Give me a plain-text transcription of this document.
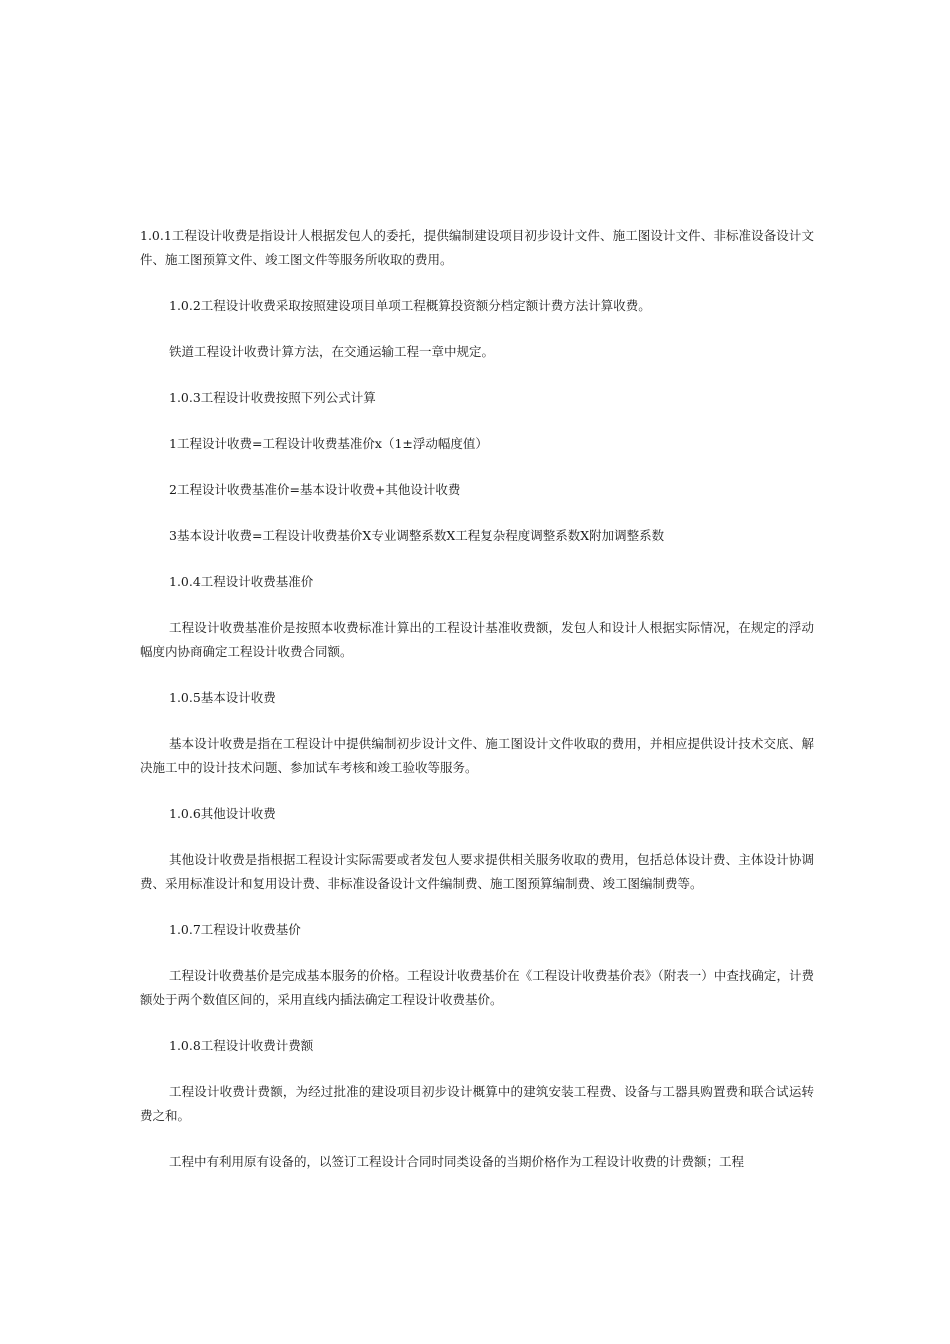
1.0.1工程设计收费是指设计人根据发包人的委托，提供编制建设项目初步设计文件、施工图设计文件、非标准设备设计文件、施工图预算文件、竣工图文件等服务所收取的费用。

1.0.2工程设计收费采取按照建设项目单项工程概算投资额分档定额计费方法计算收费。

铁道工程设计收费计算方法，在交通运输工程一章中规定。

1.0.3工程设计收费按照下列公式计算

1工程设计收费=工程设计收费基准价x（1±浮动幅度值）

2工程设计收费基准价=基本设计收费+其他设计收费

3基本设计收费=工程设计收费基价X专业调整系数X工程复杂程度调整系数X附加调整系数

1.0.4工程设计收费基准价

工程设计收费基准价是按照本收费标准计算出的工程设计基准收费额，发包人和设计人根据实际情况，在规定的浮动幅度内协商确定工程设计收费合同额。

1.0.5基本设计收费

基本设计收费是指在工程设计中提供编制初步设计文件、施工图设计文件收取的费用，并相应提供设计技术交底、解决施工中的设计技术问题、参加试车考核和竣工验收等服务。

1.0.6其他设计收费

其他设计收费是指根据工程设计实际需要或者发包人要求提供相关服务收取的费用，包括总体设计费、主体设计协调费、采用标准设计和复用设计费、非标准设备设计文件编制费、施工图预算编制费、竣工图编制费等。

1.0.7工程设计收费基价

工程设计收费基价是完成基本服务的价格。工程设计收费基价在《工程设计收费基价表》（附表一）中查找确定，计费额处于两个数值区间的，采用直线内插法确定工程设计收费基价。

1.0.8工程设计收费计费额

工程设计收费计费额，为经过批准的建设项目初步设计概算中的建筑安装工程费、设备与工器具购置费和联合试运转费之和。

工程中有利用原有设备的，以签订工程设计合同时同类设备的当期价格作为工程设计收费的计费额；工程
